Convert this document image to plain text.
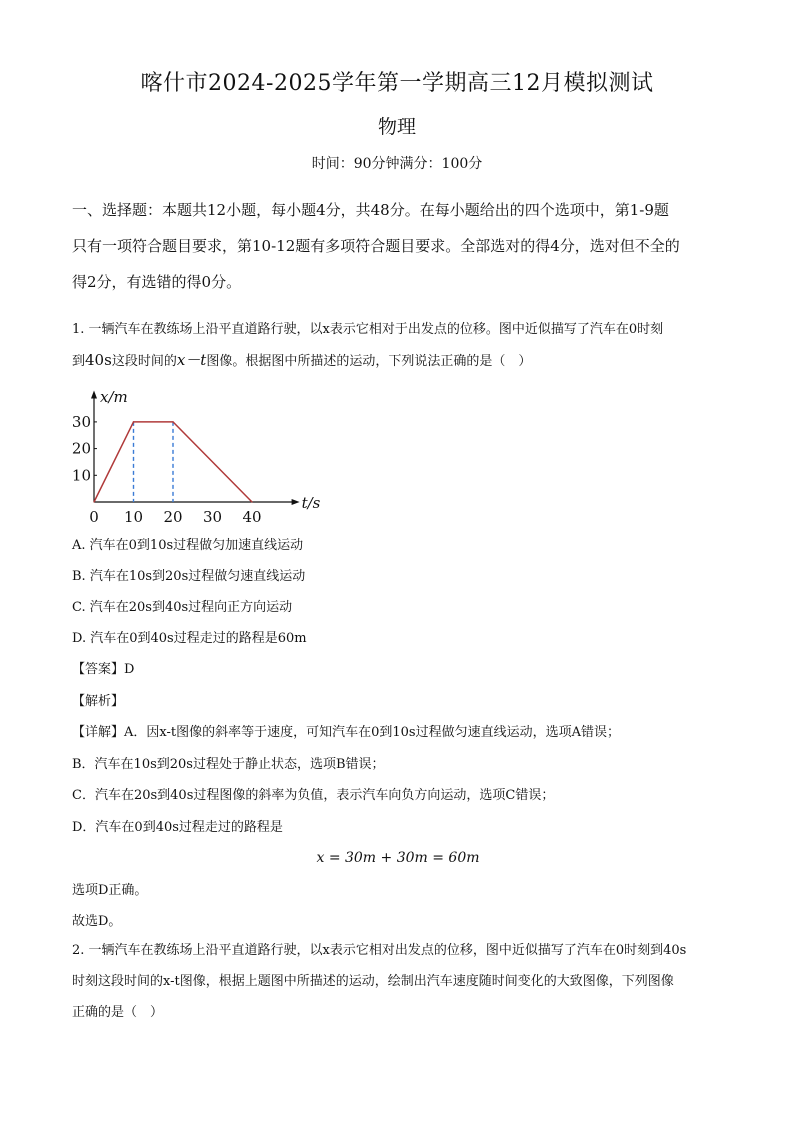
喀什市2024-2025学年第一学期高三12月模拟测试
物理
时间：90分钟满分：100分
一、选择题：本题共12小题，每小题4分，共48分。在每小题给出的四个选项中，第1-9题
只有一项符合题目要求，第10-12题有多项符合题目要求。全部选对的得4分，选对但不全的
得2分，有选错的得0分。
1. 一辆汽车在教练场上沿平直道路行驶，以x表示它相对于出发点的位移。图中近似描写了汽车在0时刻
到40s这段时间的x－t图像。根据图中所描述的运动，下列说法正确的是（　）
0 10 20 30 40
10
20
30
x/m
t/s
A. 汽车在0到10s过程做匀加速直线运动
B. 汽车在10s到20s过程做匀速直线运动
C. 汽车在20s到40s过程向正方向运动
D. 汽车在0到40s过程走过的路程是60m
【答案】D
【解析】
【详解】A．因x-t图像的斜率等于速度，可知汽车在0到10s过程做匀速直线运动，选项A错误；
B．汽车在10s到20s过程处于静止状态，选项B错误；
C．汽车在20s到40s过程图像的斜率为负值，表示汽车向负方向运动，选项C错误；
D．汽车在0到40s过程走过的路程是
x = 30m + 30m = 60m
选项D正确。
故选D。
2. 一辆汽车在教练场上沿平直道路行驶，以x表示它相对出发点的位移，图中近似描写了汽车在0时刻到40s
时刻这段时间的x-t图像，根据上题图中所描述的运动，绘制出汽车速度随时间变化的大致图像，下列图像
正确的是（　）
